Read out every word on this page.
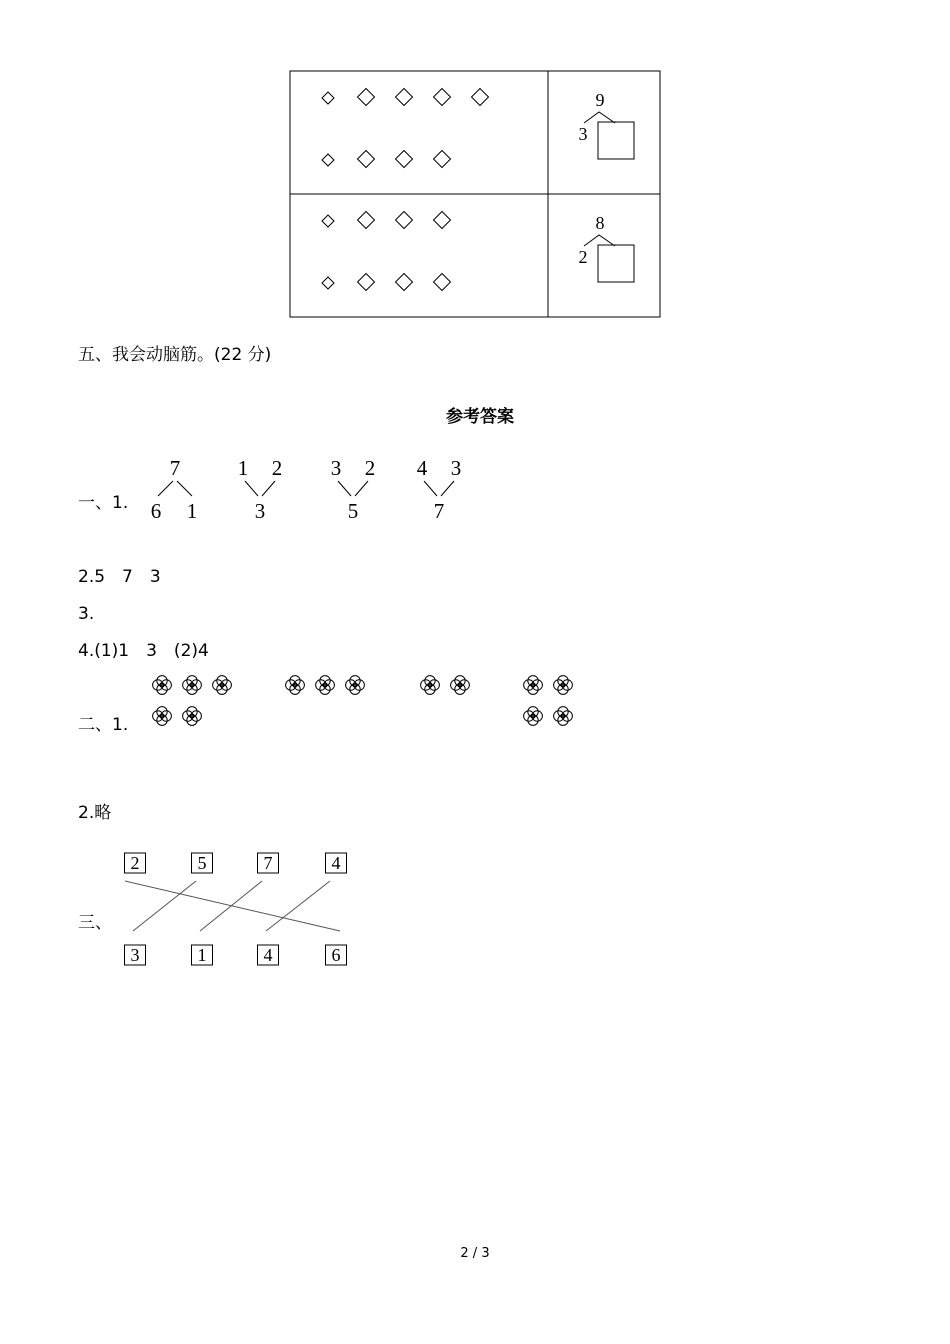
9
3
8
2
五、我会动脑筋。(22 分)
参考答案
一、1.
7
6 1
1 2
3
3 2
5
4 3
7
2.5　7　3
3.
4.(1)1　3　(2)4
二、1.
2.略
三、
2	5	7	4
3	1	4	6
2 / 3
